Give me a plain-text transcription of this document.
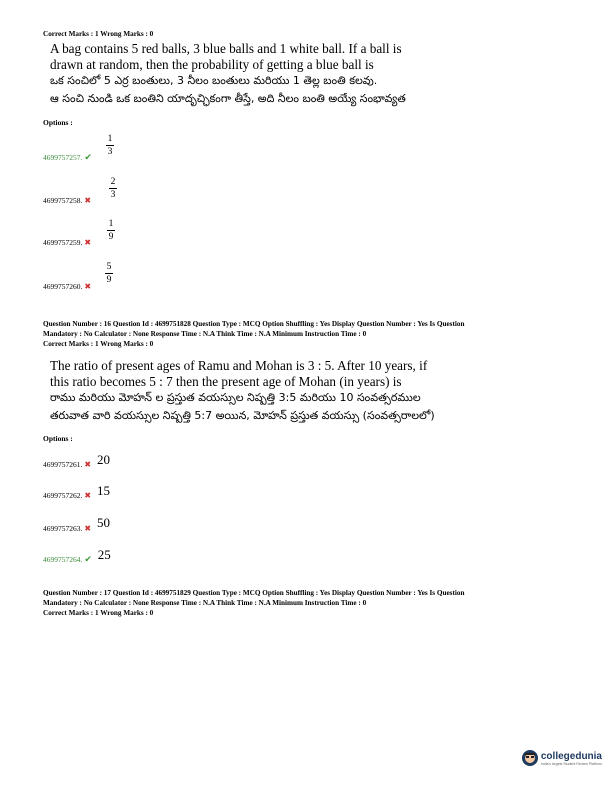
Correct Marks : 1 Wrong Marks : 0
A bag contains 5 red balls, 3 blue balls and 1 white ball. If a ball is
drawn at random, then the probability of getting a blue ball is
ఒక సంచిలో 5 ఎర్ర బంతులు, 3 నీలం బంతులు మరియు 1 తెల్ల బంతి కలవు.
ఆ సంచి నుండి ఒక బంతిని యాదృచ్ఛికంగా తీస్తే, అది నీలం బంతి అయ్యే సంభావ్యత
Options :
4699757257. ✔
1
3
4699757258. ✖
2
3
4699757259. ✖
1
9
4699757260. ✖
5
9
Question Number : 16 Question Id : 4699751828 Question Type : MCQ Option Shuffling : Yes Display Question Number : Yes Is Question
Mandatory : No Calculator : None Response Time : N.A Think Time : N.A Minimum Instruction Time : 0
Correct Marks : 1 Wrong Marks : 0
The ratio of present ages of Ramu and Mohan is 3 : 5. After 10 years, if
this ratio becomes 5 : 7 then the present age of Mohan (in years) is
రాము మరియు మోహన్ ల ప్రస్తుత వయస్సుల నిష్పత్తి 3:5 మరియు 10 సంవత్సరముల
తరువాత వారి వయస్సుల నిష్పత్తి 5:7 అయిన, మోహన్ ప్రస్తుత వయస్సు (సంవత్సరాలలో)
Options :
4699757261. ✖ 20
4699757262. ✖ 15
4699757263. ✖ 50
4699757264. ✔ 25
Question Number : 17 Question Id : 4699751829 Question Type : MCQ Option Shuffling : Yes Display Question Number : Yes Is Question
Mandatory : No Calculator : None Response Time : N.A Think Time : N.A Minimum Instruction Time : 0
Correct Marks : 1 Wrong Marks : 0
collegedunia
India's largest Student Review Platform
